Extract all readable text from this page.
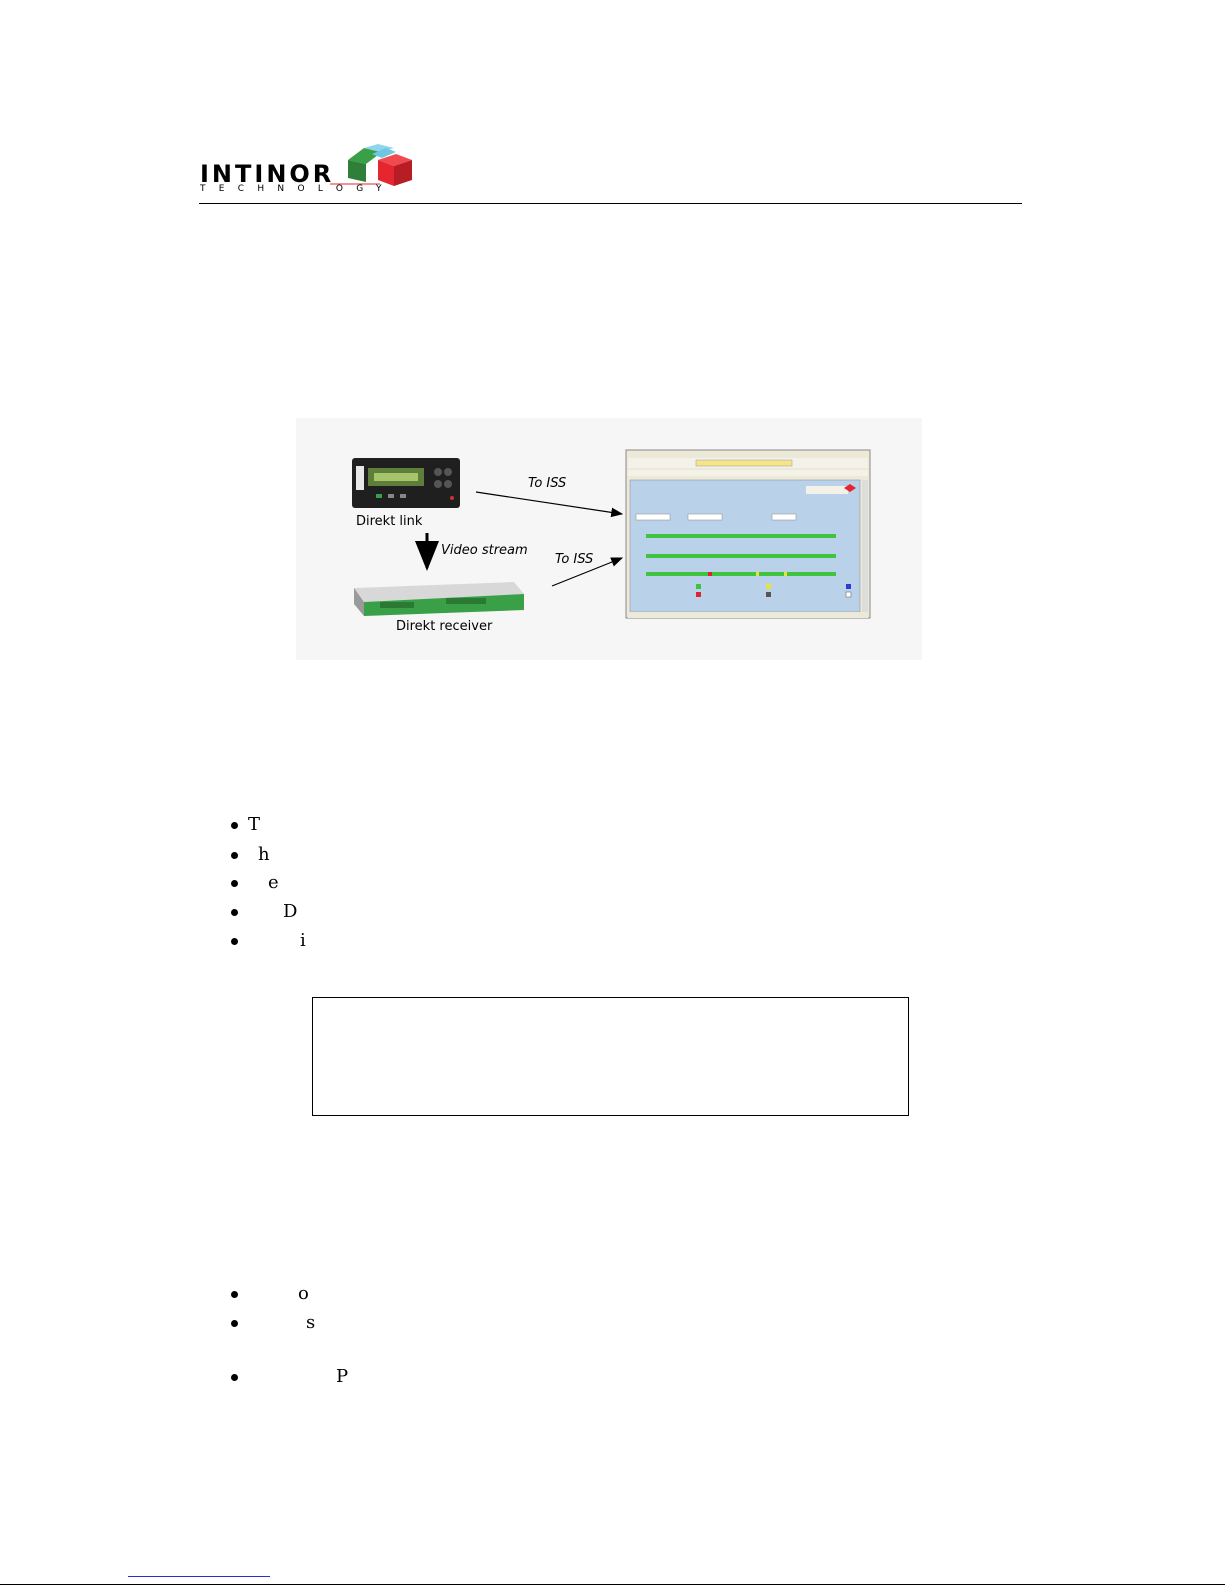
INTINOR
TECHNOLOGY
Direkt link
Direkt receiver
Video stream
To ISS
To ISS
T
h
e
D
i
o
s
P
